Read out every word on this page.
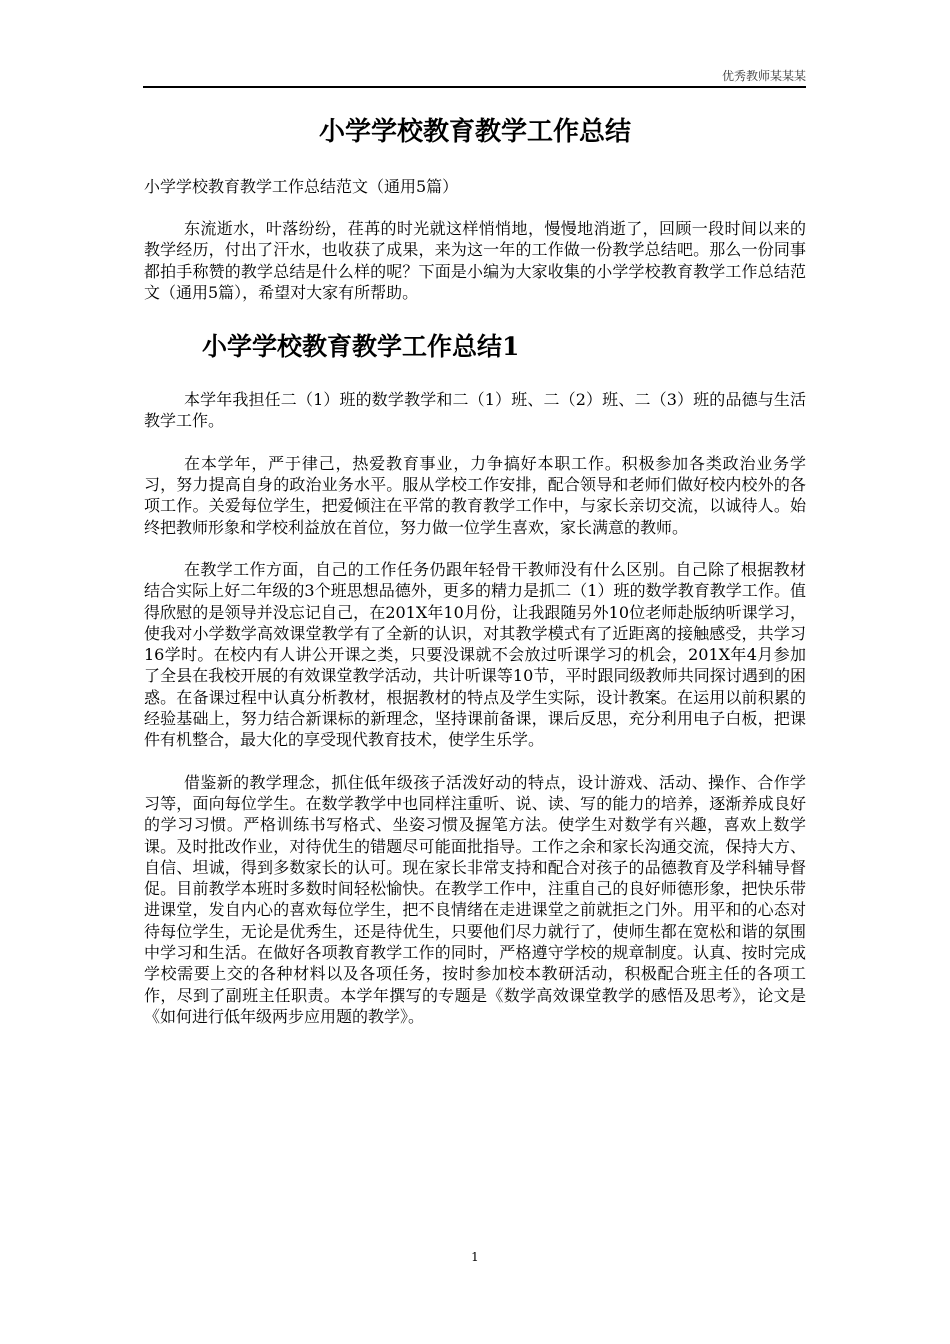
优秀教师某某某
小学学校教育教学工作总结
小学学校教育教学工作总结范文（通用5篇）

东流逝水，叶落纷纷，荏苒的时光就这样悄悄地，慢慢地消逝了，回顾一段时间以来的教学经历，付出了汗水，也收获了成果，来为这一年的工作做一份教学总结吧。那么一份同事都拍手称赞的教学总结是什么样的呢？下面是小编为大家收集的小学学校教育教学工作总结范文（通用5篇），希望对大家有所帮助。

小学学校教育教学工作总结1

本学年我担任二（1）班的数学教学和二（1）班、二（2）班、二（3）班的品德与生活教学工作。

在本学年，严于律己，热爱教育事业，力争搞好本职工作。积极参加各类政治业务学习，努力提高自身的政治业务水平。服从学校工作安排，配合领导和老师们做好校内校外的各项工作。关爱每位学生，把爱倾注在平常的教育教学工作中，与家长亲切交流，以诚待人。始终把教师形象和学校利益放在首位，努力做一位学生喜欢，家长满意的教师。

在教学工作方面，自己的工作任务仍跟年轻骨干教师没有什么区别。自己除了根据教材结合实际上好二年级的3个班思想品德外，更多的精力是抓二（1）班的数学教育教学工作。值得欣慰的是领导并没忘记自己，在201X年10月份，让我跟随另外10位老师赴版纳听课学习，使我对小学数学高效课堂教学有了全新的认识，对其教学模式有了近距离的接触感受，共学习16学时。在校内有人讲公开课之类，只要没课就不会放过听课学习的机会，201X年4月参加了全县在我校开展的有效课堂教学活动，共计听课等10节，平时跟同级教师共同探讨遇到的困惑。在备课过程中认真分析教材，根据教材的特点及学生实际，设计教案。在运用以前积累的经验基础上，努力结合新课标的新理念，坚持课前备课，课后反思，充分利用电子白板，把课件有机整合，最大化的享受现代教育技术，使学生乐学。

借鉴新的教学理念，抓住低年级孩子活泼好动的特点，设计游戏、活动、操作、合作学习等，面向每位学生。在数学教学中也同样注重听、说、读、写的能力的培养，逐渐养成良好的学习习惯。严格训练书写格式、坐姿习惯及握笔方法。使学生对数学有兴趣，喜欢上数学课。及时批改作业，对待优生的错题尽可能面批指导。工作之余和家长沟通交流，保持大方、自信、坦诚，得到多数家长的认可。现在家长非常支持和配合对孩子的品德教育及学科辅导督促。目前教学本班时多数时间轻松愉快。在教学工作中，注重自己的良好师德形象，把快乐带进课堂，发自内心的喜欢每位学生，把不良情绪在走进课堂之前就拒之门外。用平和的心态对待每位学生，无论是优秀生，还是待优生，只要他们尽力就行了，使师生都在宽松和谐的氛围中学习和生活。在做好各项教育教学工作的同时，严格遵守学校的规章制度。认真、按时完成学校需要上交的各种材料以及各项任务，按时参加校本教研活动，积极配合班主任的各项工作，尽到了副班主任职责。本学年撰写的专题是《数学高效课堂教学的感悟及思考》，论文是《如何进行低年级两步应用题的教学》。

1
